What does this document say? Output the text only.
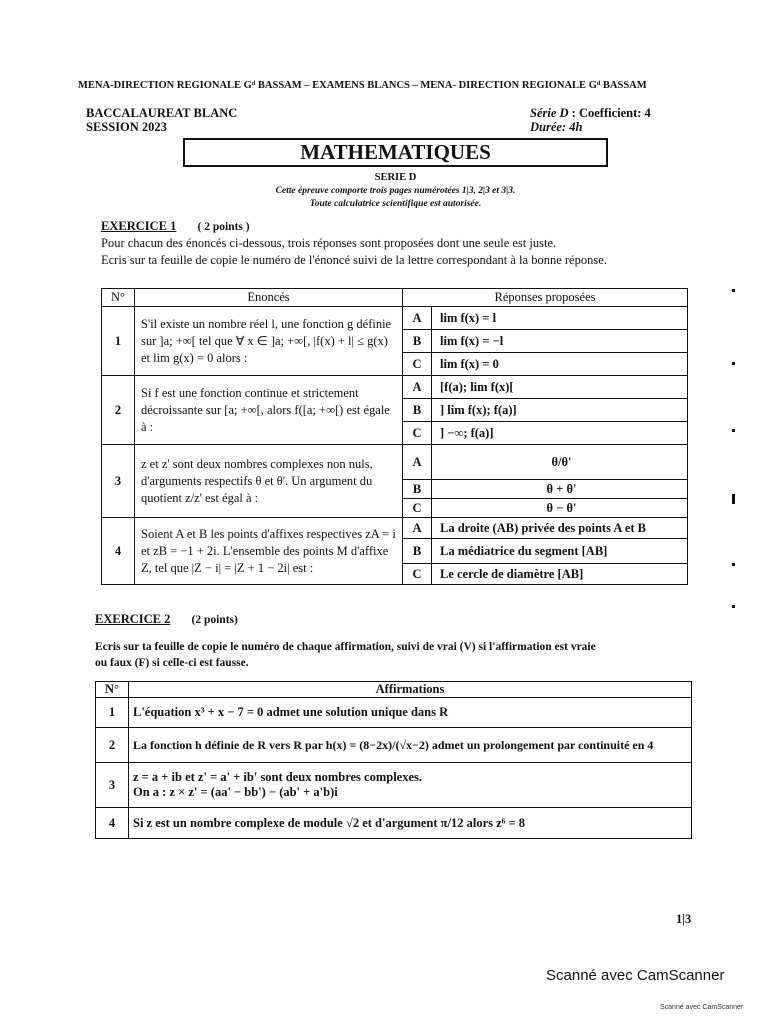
MENA-DIRECTION REGIONALE Gᵈ BASSAM – EXAMENS BLANCS – MENA- DIRECTION REGIONALE Gᵈ BASSAM
BACCALAUREAT BLANC
SESSION 2023
Série D : Coefficient: 4
Durée: 4h
MATHEMATIQUES
SERIE D
Cette épreuve comporte trois pages numérotées 1|3, 2|3 et 3|3.
Toute calculatrice scientifique est autorisée.
EXERCICE 1 ( 2 points )
Pour chacun des énoncés ci-dessous, trois réponses sont proposées dont une seule est juste.
Ecris sur ta feuille de copie le numéro de l'énoncé suivi de la lettre correspondant à la bonne réponse.
N°	Enoncés	Réponses proposées	
1	S'il existe un nombre réel l, une fonction g définie sur ]a; +∞[ tel que ∀ x ∈ ]a; +∞[, |f(x) + l| ≤ g(x) et lim g(x) = 0 alors :	A	lim f(x) = l
		B	lim f(x) = −l
		C	lim f(x) = 0
2	Si f est une fonction continue et strictement décroissante sur [a; +∞[, alors f([a; +∞[) est égale à :	A	[f(a); lim f(x)[
		B	] lim f(x); f(a)]
		C	] −∞; f(a)]
3	z et z' sont deux nombres complexes non nuls, d'arguments respectifs θ et θ'. Un argument du quotient z/z' est égal à :	A	θ/θ'
		B	θ + θ'
		C	θ − θ'
4	Soient A et B les points d'affixes respectives zA = i et zB = −1 + 2i. L'ensemble des points M d'affixe Z, tel que |Z − i| = |Z + 1 − 2i| est :	A	La droite (AB) privée des points A et B
		B	La médiatrice du segment [AB]
		C	Le cercle de diamètre [AB]
EXERCICE 2 (2 points)
Ecris sur ta feuille de copie le numéro de chaque affirmation, suivi de vrai (V) si l'affirmation est vraie
ou faux (F) si celle-ci est fausse.
N°	Affirmations
1	L'équation x³ + x − 7 = 0 admet une solution unique dans R
2	La fonction h définie de R vers R par h(x) = (8−2x)/(√x−2) admet un prolongement par continuité en 4
3	z = a + ib et z' = a' + ib' sont deux nombres complexes.
On a : z × z' = (aa' − bb') − (ab' + a'b)i

4	Si z est un nombre complexe de module √2 et d'argument π/12 alors z⁶ = 8
1|3
Scanné avec CamScanner
Scanné avec CamScanner
